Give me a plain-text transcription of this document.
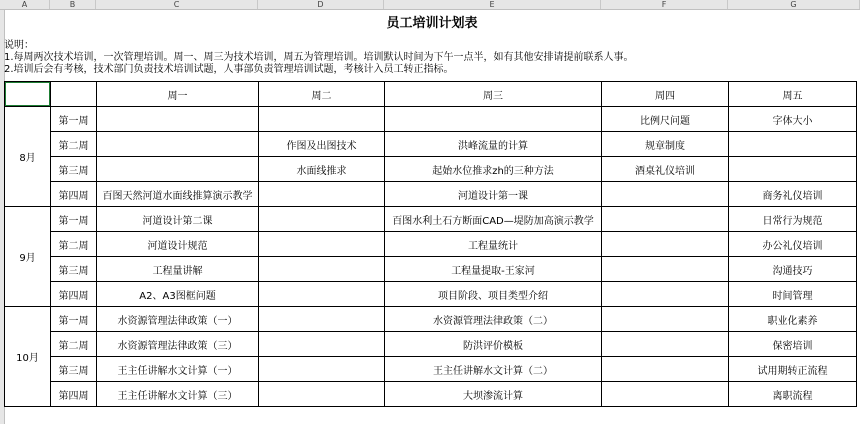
A	B	C	D	E	F	G
员工培训计划表
说明：
1.每周两次技术培训，一次管理培训。周一、周三为技术培训，周五为管理培训。培训默认时间为下午一点半，如有其他安排请提前联系人事。
2.培训后会有考核，技术部门负责技术培训试题，人事部负责管理培训试题，考核计入员工转正指标。
		周一	周二	周三	周四	周五
8月	第一周				比例尺问题	字体大小
	第二周		作图及出图技术	洪峰流量的计算	规章制度	
	第三周		水面线推求	起始水位推求zh的三种方法	酒桌礼仪培训	
	第四周	百图天然河道水面线推算演示教学		河道设计第一课		商务礼仪培训
9月	第一周	河道设计第二课		百图水利土石方断面CAD—堤防加高演示教学		日常行为规范
	第二周	河道设计规范		工程量统计		办公礼仪培训
	第三周	工程量讲解		工程量提取-王家河		沟通技巧
	第四周	A2、A3图框问题		项目阶段、项目类型介绍		时间管理
10月	第一周	水资源管理法律政策（一）		水资源管理法律政策（二）		职业化素养
	第二周	水资源管理法律政策（三）		防洪评价模板		保密培训
	第三周	王主任讲解水文计算（一）		王主任讲解水文计算（二）		试用期转正流程
	第四周	王主任讲解水文计算（三）		大坝渗流计算		离职流程
